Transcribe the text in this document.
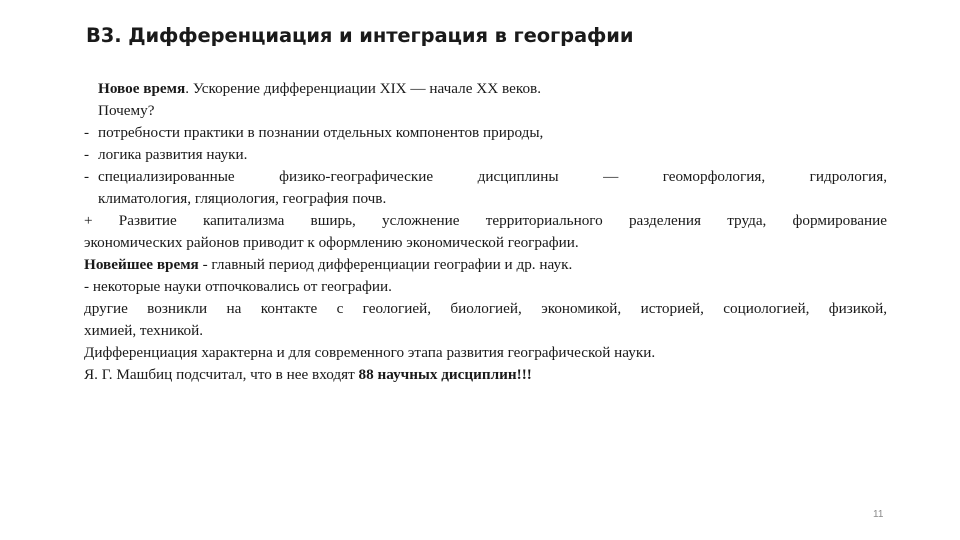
В3. Дифференциация и интеграция в географии
Новое время. Ускорение дифференциации XIX — начале XX веков.
Почему?
- потребности практики в познании отдельных компонентов природы,
- логика развития науки.
- специализированные физико-географические дисциплины — геоморфология, гидрология,
климатология, гляциология, география почв.
+ Развитие капитализма вширь, усложнение территориального разделения труда, формирование
экономических районов приводит к оформлению экономической географии.
Новейшее время - главный период дифференциации географии и др. наук.
- некоторые науки отпочковались от географии.
другие возникли на контакте с геологией, биологией, экономикой, историей, социологией, физикой,
химией, техникой.
Дифференциация характерна и для современного этапа развития географической науки.
Я. Г. Машбиц подсчитал, что в нее входят 88 научных дисциплин!!!
11
